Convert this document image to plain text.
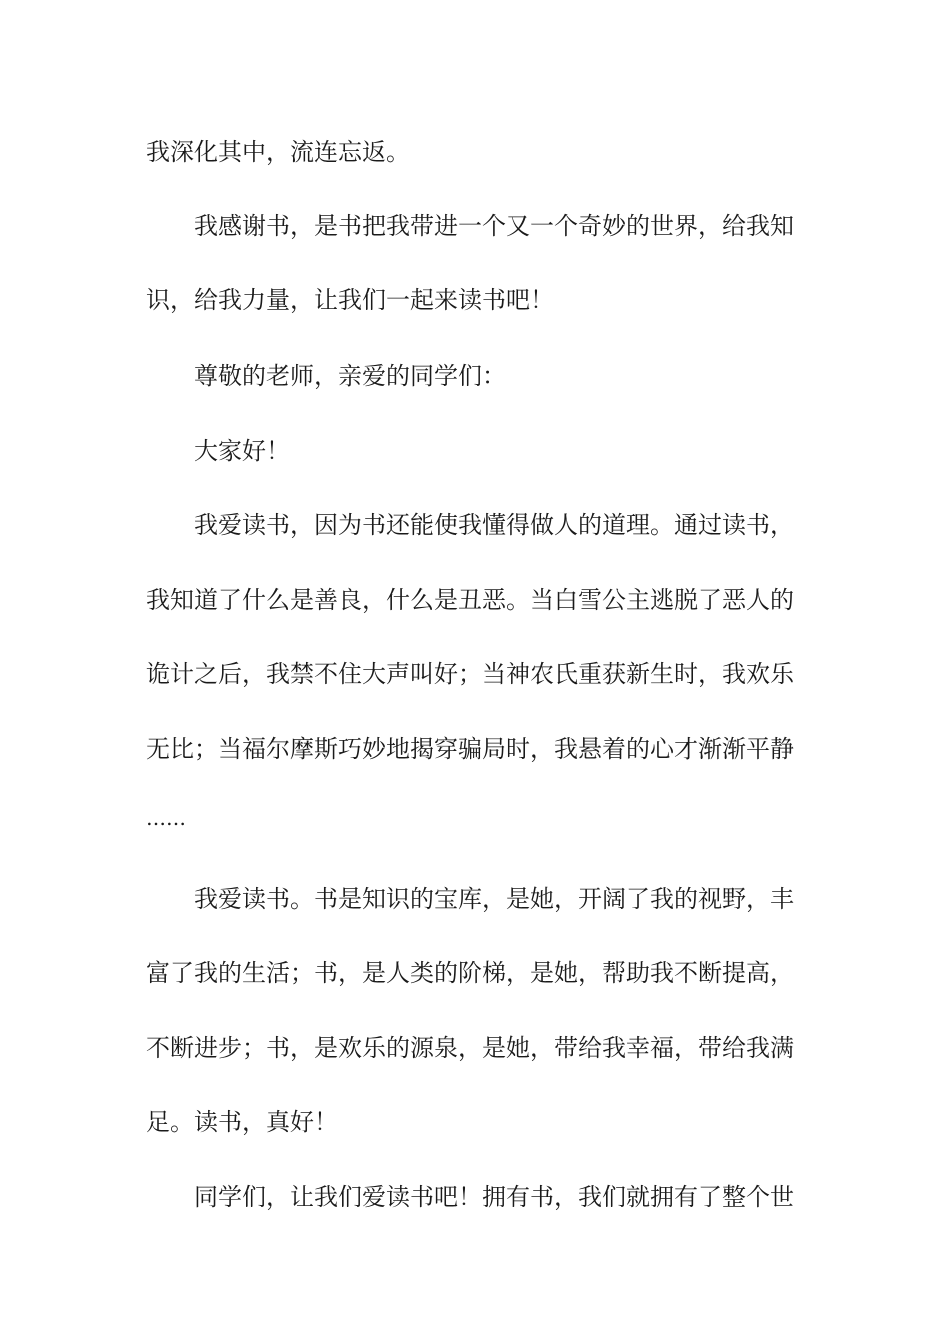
我深化其中，流连忘返。

我感谢书，是书把我带进一个又一个奇妙的世界，给我知

识，给我力量，让我们一起来读书吧！

尊敬的老师，亲爱的同学们：

大家好！

我爱读书，因为书还能使我懂得做人的道理。通过读书，

我知道了什么是善良，什么是丑恶。当白雪公主逃脱了恶人的

诡计之后，我禁不住大声叫好；当神农氏重获新生时，我欢乐

无比；当福尔摩斯巧妙地揭穿骗局时，我悬着的心才渐渐平静

……

我爱读书。书是知识的宝库，是她，开阔了我的视野，丰

富了我的生活；书，是人类的阶梯，是她，帮助我不断提高，

不断进步；书，是欢乐的源泉，是她，带给我幸福，带给我满

足。读书，真好！

同学们，让我们爱读书吧！拥有书，我们就拥有了整个世
